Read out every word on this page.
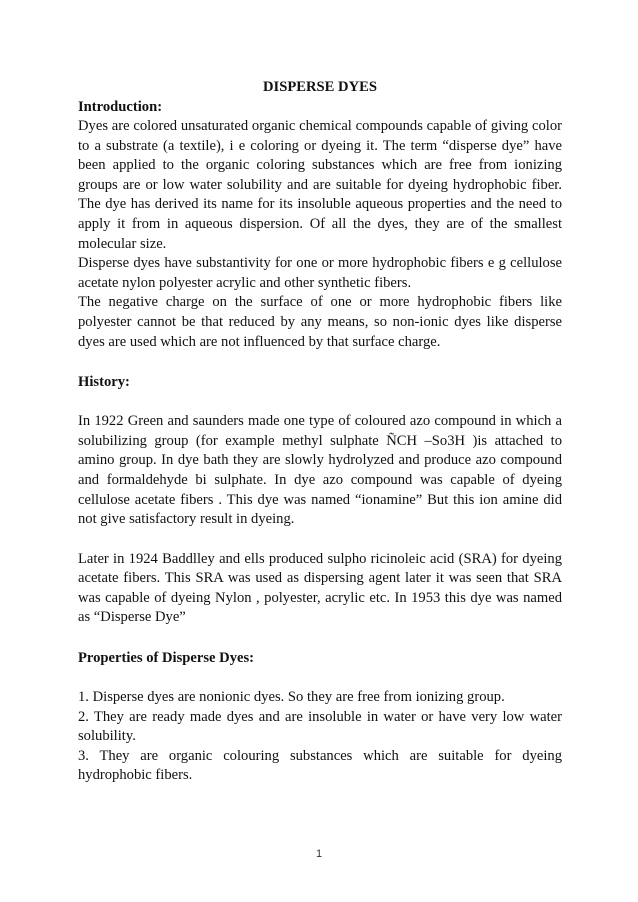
DISPERSE DYES

Introduction:

Dyes are colored unsaturated organic chemical compounds capable of giving color to a substrate (a textile), i e coloring or dyeing it. The term “disperse dye” have been applied to the organic coloring substances which are free from ionizing groups are or low water solubility and are suitable for dyeing hydrophobic fiber. The dye has derived its name for its insoluble aqueous properties and the need to apply it from in aqueous dispersion. Of all the dyes, they are of the smallest molecular size.

Disperse dyes have substantivity for one or more hydrophobic fibers e g cellulose acetate nylon polyester acrylic and other synthetic fibers.

The negative charge on the surface of one or more hydrophobic fibers like polyester cannot be that reduced by any means, so non-ionic dyes like disperse dyes are used which are not influenced by that surface charge.

History:

In 1922 Green and saunders made one type of coloured azo compound in which a solubilizing group (for example methyl sulphate ÑCH –So3H )is attached to amino group. In dye bath they are slowly hydrolyzed and produce azo compound and formaldehyde bi sulphate. In dye azo compound was capable of dyeing cellulose acetate fibers . This dye was named “ionamine” But this ion amine did not give satisfactory result in dyeing.

Later in 1924 Baddlley and ells produced sulpho ricinoleic acid (SRA) for dyeing acetate fibers. This SRA was used as dispersing agent later it was seen that SRA was capable of dyeing Nylon , polyester, acrylic etc. In 1953 this dye was named as “Disperse Dye”

Properties of Disperse Dyes:

1. Disperse dyes are nonionic dyes. So they are free from ionizing group.

2. They are ready made dyes and are insoluble in water or have very low water solubility.

3. They are organic colouring substances which are suitable for dyeing hydrophobic fibers.

1
